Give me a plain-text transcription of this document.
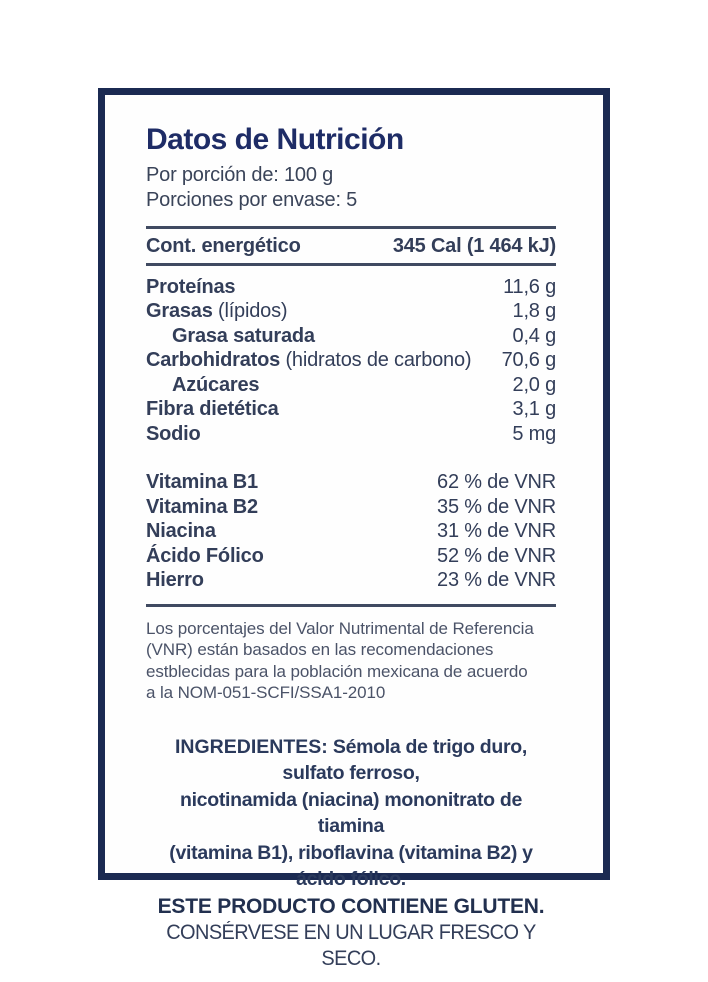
Datos de Nutrición
Por porción de: 100 g
Porciones por envase: 5
Cont. energético	345 Cal (1 464 kJ)
Proteínas	11,6 g
Grasas (lípidos)	1,8 g
Grasa saturada	0,4 g
Carbohidratos (hidratos de carbono) 70,6 g
Azúcares	2,0 g
Fibra dietética	3,1 g
Sodio	5 mg
Vitamina B1	62 % de VNR
Vitamina B2	35 % de VNR
Niacina	31 % de VNR
Ácido Fólico	52 % de VNR
Hierro	23 % de VNR
Los porcentajes del Valor Nutrimental de Referencia
(VNR) están basados en las recomendaciones
estblecidas para la población mexicana de acuerdo
a la NOM-051-SCFI/SSA1-2010
INGREDIENTES: Sémola de trigo duro, sulfato ferroso,
nicotinamida (niacina) mononitrato de tiamina
(vitamina B1), riboflavina (vitamina B2) y ácido fólico.
ESTE PRODUCTO CONTIENE GLUTEN.
CONSÉRVESE EN UN LUGAR FRESCO Y SECO.
